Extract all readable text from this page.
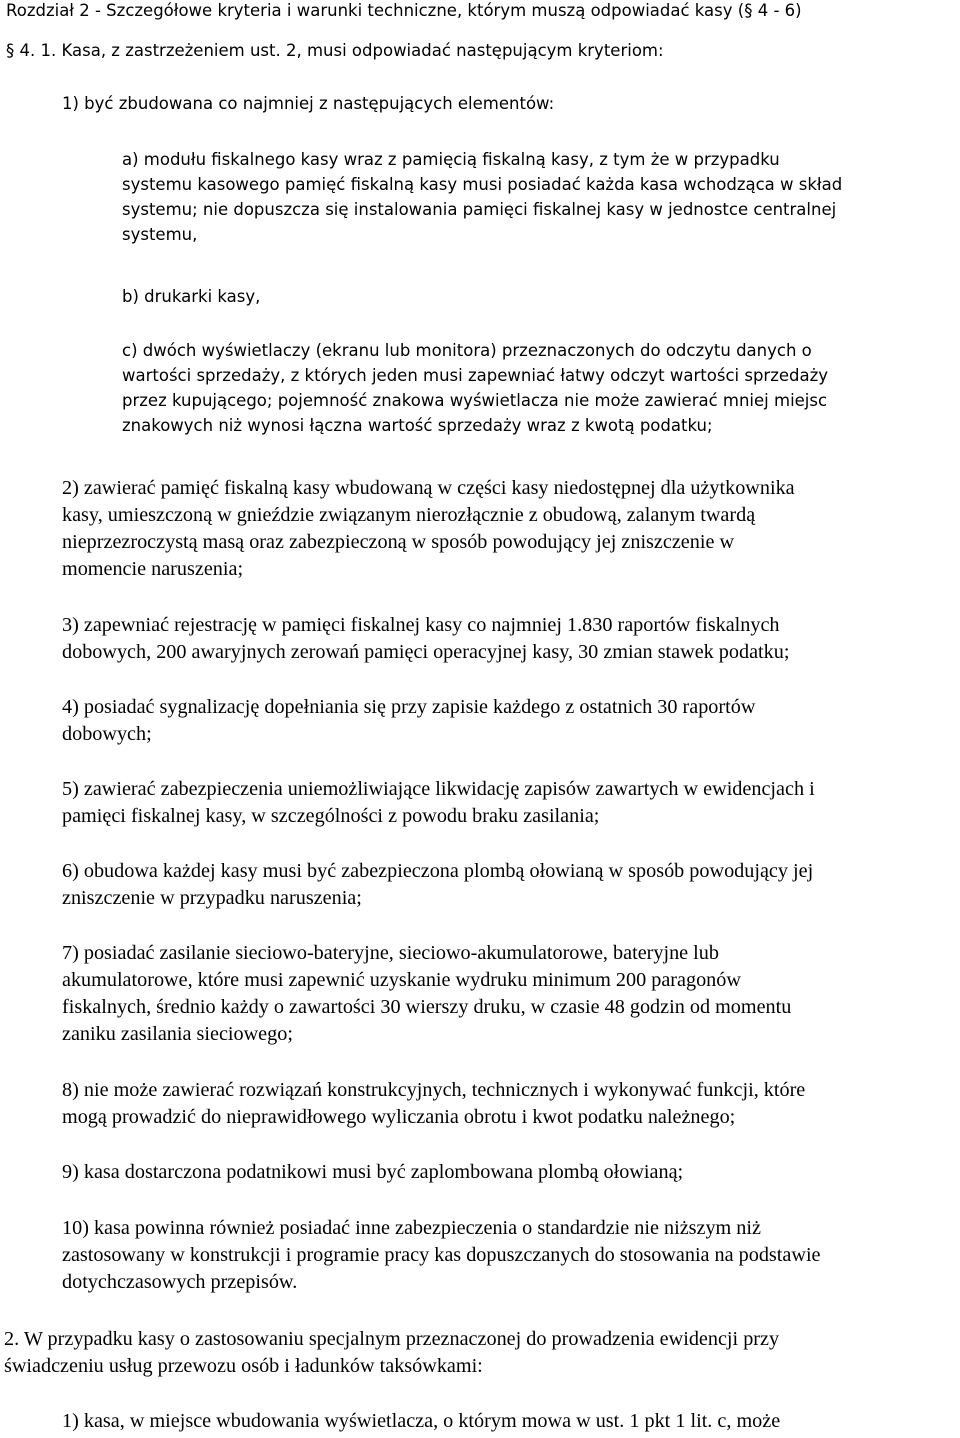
Rozdział 2 - Szczegółowe kryteria i warunki techniczne, którym muszą odpowiadać kasy (§ 4 - 6)
§ 4. 1. Kasa, z zastrzeżeniem ust. 2, musi odpowiadać następującym kryteriom:
1) być zbudowana co najmniej z następujących elementów:
a) modułu fiskalnego kasy wraz z pamięcią fiskalną kasy, z tym że w przypadku
systemu kasowego pamięć fiskalną kasy musi posiadać każda kasa wchodząca w skład
systemu; nie dopuszcza się instalowania pamięci fiskalnej kasy w jednostce centralnej
systemu,
b) drukarki kasy,
c) dwóch wyświetlaczy (ekranu lub monitora) przeznaczonych do odczytu danych o
wartości sprzedaży, z których jeden musi zapewniać łatwy odczyt wartości sprzedaży
przez kupującego; pojemność znakowa wyświetlacza nie może zawierać mniej miejsc
znakowych niż wynosi łączna wartość sprzedaży wraz z kwotą podatku;
2) zawierać pamięć fiskalną kasy wbudowaną w części kasy niedostępnej dla użytkownika
kasy, umieszczoną w gnieździe związanym nierozłącznie z obudową, zalanym twardą
nieprzezroczystą masą oraz zabezpieczoną w sposób powodujący jej zniszczenie w
momencie naruszenia;
3) zapewniać rejestrację w pamięci fiskalnej kasy co najmniej 1.830 raportów fiskalnych
dobowych, 200 awaryjnych zerowań pamięci operacyjnej kasy, 30 zmian stawek podatku;
4) posiadać sygnalizację dopełniania się przy zapisie każdego z ostatnich 30 raportów
dobowych;
5) zawierać zabezpieczenia uniemożliwiające likwidację zapisów zawartych w ewidencjach i
pamięci fiskalnej kasy, w szczególności z powodu braku zasilania;
6) obudowa każdej kasy musi być zabezpieczona plombą ołowianą w sposób powodujący jej
zniszczenie w przypadku naruszenia;
7) posiadać zasilanie sieciowo-bateryjne, sieciowo-akumulatorowe, bateryjne lub
akumulatorowe, które musi zapewnić uzyskanie wydruku minimum 200 paragonów
fiskalnych, średnio każdy o zawartości 30 wierszy druku, w czasie 48 godzin od momentu
zaniku zasilania sieciowego;
8) nie może zawierać rozwiązań konstrukcyjnych, technicznych i wykonywać funkcji, które
mogą prowadzić do nieprawidłowego wyliczania obrotu i kwot podatku należnego;
9) kasa dostarczona podatnikowi musi być zaplombowana plombą ołowianą;
10) kasa powinna również posiadać inne zabezpieczenia o standardzie nie niższym niż
zastosowany w konstrukcji i programie pracy kas dopuszczanych do stosowania na podstawie
dotychczasowych przepisów.
2. W przypadku kasy o zastosowaniu specjalnym przeznaczonej do prowadzenia ewidencji przy
świadczeniu usług przewozu osób i ładunków taksówkami:
1) kasa, w miejsce wbudowania wyświetlacza, o którym mowa w ust. 1 pkt 1 lit. c, może
